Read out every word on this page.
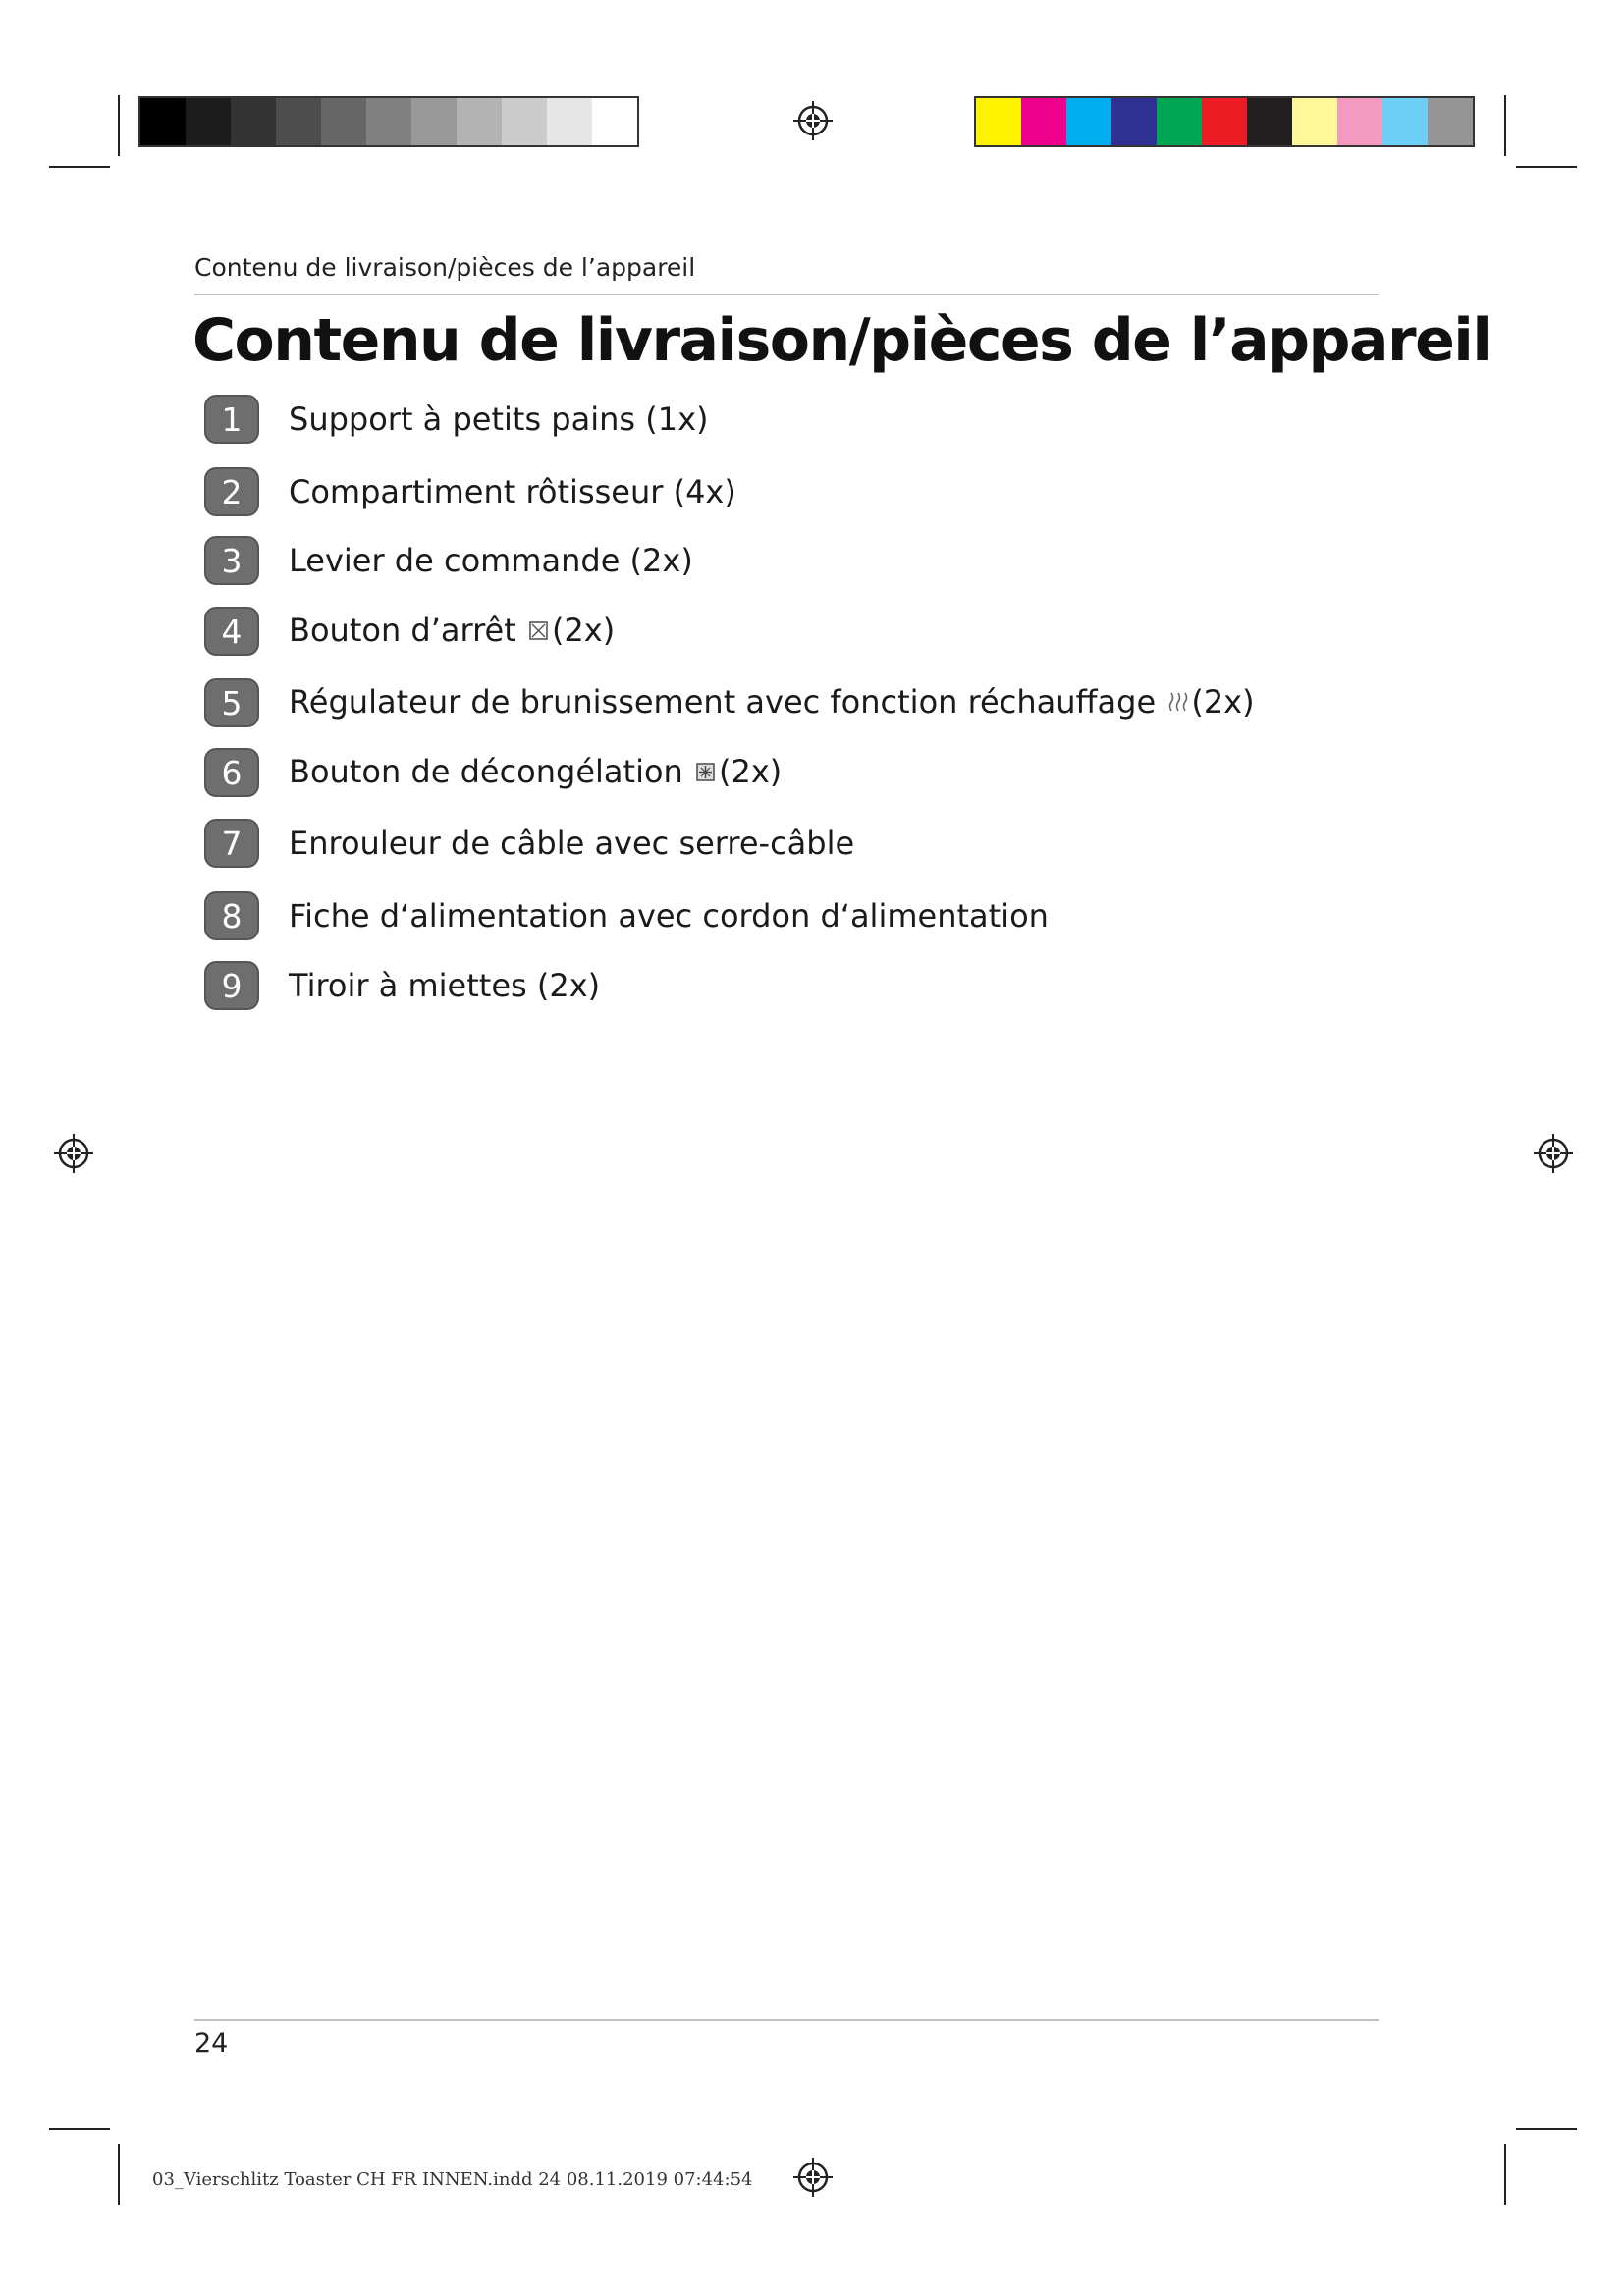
Contenu de livraison/pièces de l’appareil
Contenu de livraison/pièces de l’appareil
1	Support à petits pains (1x)
2	Compartiment rôtisseur (4x)
3	Levier de commande (2x)
4	Bouton d’arrêt (2x)
5	Régulateur de brunissement avec fonction réchauffage (2x)
6	Bouton de décongélation (2x)
7	Enrouleur de câble avec serre-câble
8	Fiche d‘alimentation avec cordon d‘alimentation
9	Tiroir à miettes (2x)
24
03_Vierschlitz Toaster CH FR INNEN.indd 24 08.11.2019 07:44:54
